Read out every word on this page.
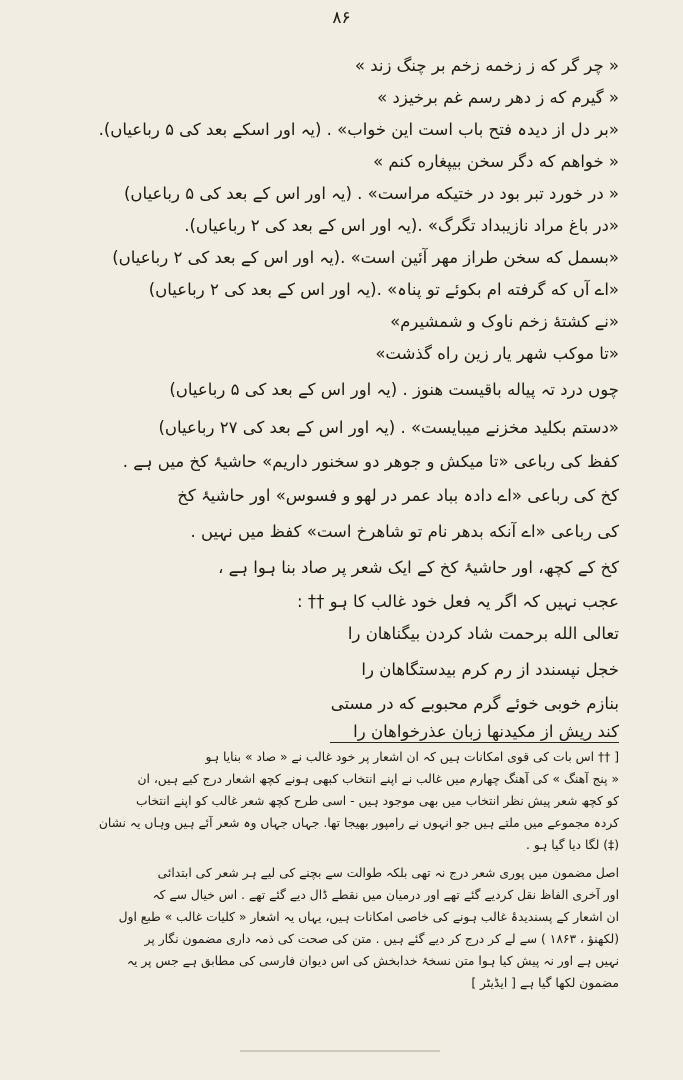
۸۶
« چر گر که ز زخمه زخم بر چنگ زند »
« گیرم که ز دهر رسم غم برخیزد »
«بر دل از دیدہ فتح باب است این خواب» . (یہ اور اسکے بعد کی ۵ رباعیاں).
« خواهم که دگر سخن بیپغاره کنم »
« در خورد تبر بود در ختیکه مراست» . (یہ اور اس کے بعد کی ۵ رباعیاں)
«در باغ مراد نازیبداد تگرگ» .(یہ اور اس کے بعد کی ۲ رباعیاں).
«بسمل که سخن طراز مهر آئین است» .(یہ اور اس کے بعد کی ۲ رباعیاں)
«اے آں که گرفته ام بکوئے تو پناہ» .(یہ اور اس کے بعد کی ۲ رباعیاں)
«نے کشتهٔ زخم ناوک و شمشیرم»
«تا موکب شهر یار زین راه گذشت»
چوں درد تہ پیاله باقیست هنوز . (یہ اور اس کے بعد کی ۵ رباعیاں)
«دستم بکلید مخزنے میبایست» . (یہ اور اس کے بعد کی ۲۷ رباعیاں)
کفظ کی رباعی «تا میکش و جوهر دو سخنور داریم» حاشیۂ کخ میں ہے .
کخ کی رباعی «اے دادہ بباد عمر در لهو و فسوس» اور حاشیۂ کخ
کی رباعی «اے آنکه بدهر نام تو شاهرخ است» کفظ میں نہیں .
کخ کے کچھ، اور حاشیۂ کخ کے ایک شعر پر صاد بنا ہوا ہے ،
عجب نہیں کہ اگر یہ فعل خود غالب کا ہو †† :
تعالی الله برحمت شاد کردن بیگناهان را
خجل نپسندد از رم کرم بیدستگاهان را
بنازم خوبی خوئے گرم محبوبے که در مستی
کند ریش از مکیدنها زبان عذرخواهان را
[ †† اس بات کی قوی امکانات ہیں کہ ان اشعار پر خود غالب نے « صاد » بنایا ہو
« پنج آهنگ » کی آهنگ چهارم میں غالب نے اپنے انتخاب کبھی ہونے کچھ اشعار درج کیے ہیں، ان
کو کچھ شعر پیش نظر انتخاب میں بھی موجود ہیں - اسی طرح کچھ شعر غالب کو اپنے انتخاب
کردہ مجموعے میں ملتے ہیں جو انہوں نے رامپور بھیجا تھا. جہاں جہاں وہ شعر آئے ہیں وہاں یہ نشان
(‡) لگا دیا گیا ہو .
اصل مضمون میں پوری شعر درج نہ تھی بلکہ طوالت سے بچنے کی لیے ہر شعر کی ابتدائی
اور آخری الفاظ نقل کردیے گئے تھے اور درمیان میں نقطے ڈال دیے گئے تھے . اس خیال سے کہ
ان اشعار کے پسندیدۂ غالب ہونے کی خاصی امکانات ہیں، یہاں یہ اشعار « کلیات غالب » طبع اول
(لکهنؤ ، ۱۸۶۳ ) سے لے کر درج کر دیے گئے ہیں . متن کی صحت کی ذمہ داری مضمون نگار پر
نہیں ہے اور نہ پیش کیا ہوا متن نسخۂ خدابخش کی اس دیوان فارسی کی مطابق ہے جس پر یہ
مضمون لکھا گیا ہے [ ایڈیٹر ]
